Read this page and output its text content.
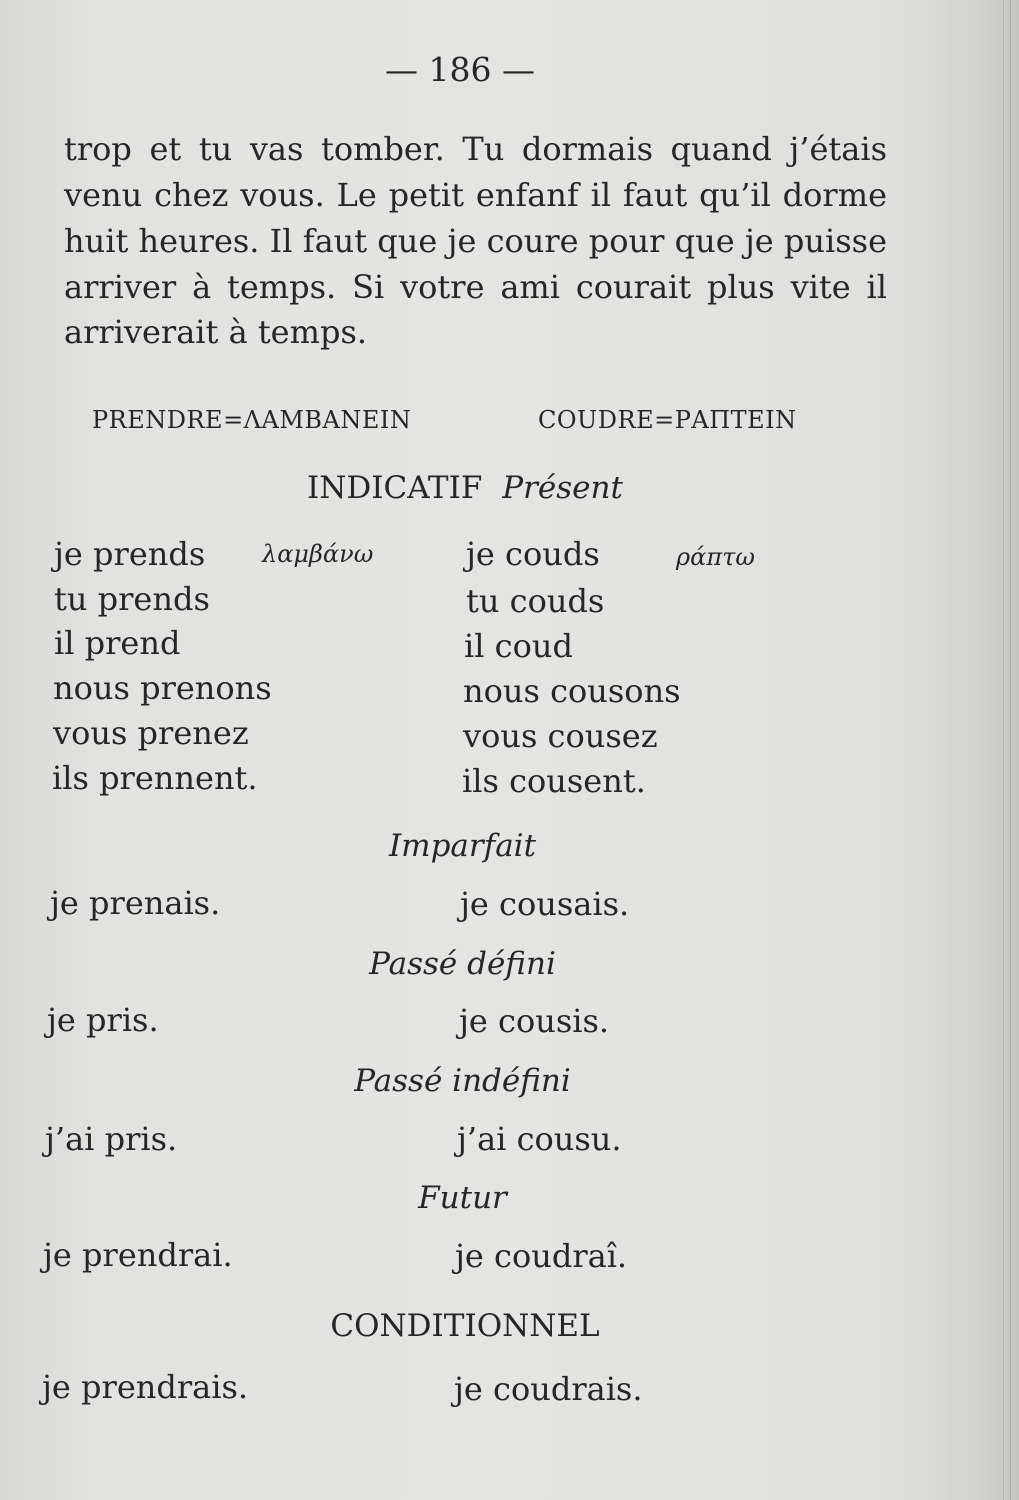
— 186 —
trop et tu vas tomber. Tu dormais quand j’étais
venu chez vous. Le petit enfanf il faut qu’il dorme
huit heures. Il faut que je coure pour que je puisse
arriver à temps. Si votre ami courait plus vite il
arriverait à temps.
PRENDRE=ΛΑΜΒΑΝΕΙΝ	COUDRE=ΡΑΠΤΕΙΝ
INDICATIF Présent
je prends λαμβάνω	je couds	ράπτω
tu prends	tu couds
il prend	il coud
nous prenons	nous cousons
vous prenez	vous cousez
ils prennent.	ils cousent.
Imparfait
je prenais.	je cousais.
Passé défini
je pris.	je cousis.
Passé indéfini
j’ai pris.	j’ai cousu.
Futur
je prendrai.	je coudraî.
CONDITIONNEL
je prendrais.	je coudrais.
